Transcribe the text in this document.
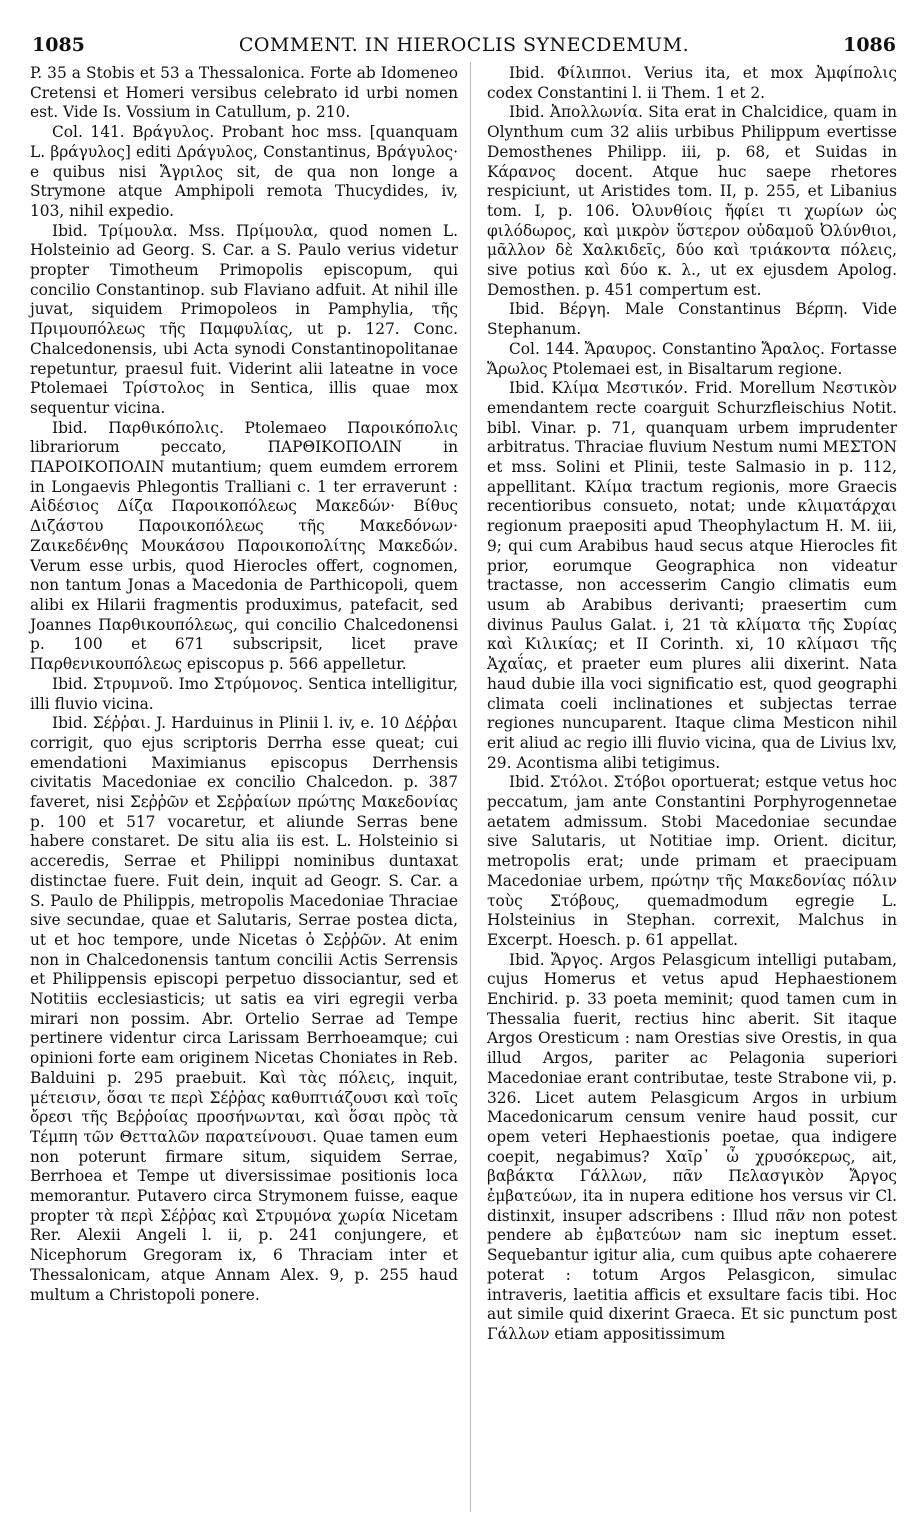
1085	COMMENT. IN HIEROCLIS SYNECDEMUM.	1086

P. 35 a Stobis et 53 a Thessalonica. Forte ab Idomeneo Cretensi et Homeri versibus celebrato id urbi nomen est. Vide Is. Vossium in Catullum, p. 210.

Col. 141. Βράγυλος. Probant hoc mss. [quanquam L. βράγυλος] editi Δράγυλος, Constantinus, Βράγυλος· e quibus nisi Ἄγριλος sit, de qua non longe a Strymone atque Amphipoli remota Thucydides, iv, 103, nihil expedio.

Ibid. Τρίμουλα. Mss. Πρίμουλα, quod nomen L. Holsteinio ad Georg. S. Car. a S. Paulo verius videtur propter Timotheum Primopolis episcopum, qui concilio Constantinop. sub Flaviano adfuit. At nihil ille juvat, siquidem Primopoleos in Pamphylia, τῆς Πριμουπόλεως τῆς Παμφυλίας, ut p. 127. Conc. Chalcedonensis, ubi Acta synodi Constantinopolitanae repetuntur, praesul fuit. Viderint alii lateatne in voce Ptolemaei Τρίστολος in Sentica, illis quae mox sequentur vicina.

Ibid. Παρθικόπολις. Ptolemaeo Παροικόπολις librariorum peccato, ΠΑΡΘΙΚΟΠΟΛΙΝ in ΠΑΡΟΙΚΟΠΟΛΙΝ mutantium; quem eumdem errorem in Longaevis Phlegontis Tralliani c. 1 ter erraverunt : Αἰδέσιος Δίζα Παροικοπόλεως Μακεδών· Βίθυς Διζάστου Παροικοπόλεως τῆς Μακεδόνων· Ζαικεδένθης Μουκάσου Παροικοπολίτης Μακεδών. Verum esse urbis, quod Hierocles offert, cognomen, non tantum Jonas a Macedonia de Parthicopoli, quem alibi ex Hilarii fragmentis produximus, patefacit, sed Joannes Παρθικουπόλεως, qui concilio Chalcedonensi p. 100 et 671 subscripsit, licet prave Παρθενικουπόλεως episcopus p. 566 appelletur.

Ibid. Στρυμνοῦ. Imo Στρύμονος. Sentica intelligitur, illi fluvio vicina.

Ibid. Σέῤῥαι. J. Harduinus in Plinii l. iv, e. 10 Δέῤῥαι corrigit, quo ejus scriptoris Derrha esse queat; cui emendationi Maximianus episcopus Derrhensis civitatis Macedoniae ex concilio Chalcedon. p. 387 faveret, nisi Σεῤῥῶν et Σεῤῥαίων πρώτης Μακεδονίας p. 100 et 517 vocaretur, et aliunde Serras bene habere constaret. De situ alia iis est. L. Holsteinio si acceredis, Serrae et Philippi nominibus duntaxat distinctae fuere. Fuit dein, inquit ad Geogr. S. Car. a S. Paulo de Philippis, metropolis Macedoniae Thraciae sive secundae, quae et Salutaris, Serrae postea dicta, ut et hoc tempore, unde Nicetas ὁ Σεῤῥῶν. At enim non in Chalcedonensis tantum concilii Actis Serrensis et Philippensis episcopi perpetuo dissociantur, sed et Notitiis ecclesiasticis; ut satis ea viri egregii verba mirari non possim. Abr. Ortelio Serrae ad Tempe pertinere videntur circa Larissam Berrhoeamque; cui opinioni forte eam originem Nicetas Choniates in Reb. Balduini p. 295 praebuit. Καὶ τὰς πόλεις, inquit, μέτεισιν, ὅσαι τε περὶ Σέῤῥας καθυπτιάζουσι καὶ τοῖς ὄρεσι τῆς Βεῤῥοίας προσήνωνται, καὶ ὅσαι πρὸς τὰ Τέμπη τῶν Θετταλῶν παρατείνουσι. Quae tamen eum non poterunt firmare situm, siquidem Serrae, Berrhoea et Tempe ut diversissimae positionis loca memorantur. Putavero circa Strymonem fuisse, eaque propter τὰ περὶ Σέῤῥας καὶ Στρυμόνα χωρία Nicetam Rer. Alexii Angeli l. ii, p. 241 conjungere, et Nicephorum Gregoram ix, 6 Thraciam inter et Thessalonicam, atque Annam Alex. 9, p. 255 haud multum a Christopoli ponere.

Ibid. Φίλιπποι. Verius ita, et mox Ἀμφίπολις codex Constantini l. ii Them. 1 et 2.

Ibid. Ἀπολλωνία. Sita erat in Chalcidice, quam in Olynthum cum 32 aliis urbibus Philippum evertisse Demosthenes Philipp. iii, p. 68, et Suidas in Κάρανος docent. Atque huc saepe rhetores respiciunt, ut Aristides tom. II, p. 255, et Libanius tom. I, p. 106. Ὀλυνθίοις ἤφίει τι χωρίων ὡς φιλόδωρος, καὶ μικρὸν ὕστερον οὐδαμοῦ Ὀλύνθιοι, μᾶλλον δὲ Χαλκιδεῖς, δύο καὶ τριάκοντα πόλεις, sive potius καὶ δύο κ. λ., ut ex ejusdem Apolog. Demosthen. p. 451 compertum est.

Ibid. Βέργη. Male Constantinus Βέρπη. Vide Stephanum.

Col. 144. Ἄραυρος. Constantino Ἄραλος. Fortasse Ἄρωλος Ptolemaei est, in Bisaltarum regione.

Ibid. Κλίμα Μεστικόν. Frid. Morellum Νεστικὸν emendantem recte coarguit Schurzfleischius Notit. bibl. Vinar. p. 71, quanquam urbem imprudenter arbitratus. Thraciae fluvium Nestum numi ΜΕΣΤΟΝ et mss. Solini et Plinii, teste Salmasio in p. 112, appellitant. Κλίμα tractum regionis, more Graecis recentioribus consueto, notat; unde κλιματάρχαι regionum praepositi apud Theophylactum H. M. iii, 9; qui cum Arabibus haud secus atque Hierocles fit prior, eorumque Geographica non videatur tractasse, non accesserim Cangio climatis eum usum ab Arabibus derivanti; praesertim cum divinus Paulus Galat. i, 21 τὰ κλίματα τῆς Συρίας καὶ Κιλικίας; et II Corinth. xi, 10 κλίμασι τῆς Ἀχαΐας, et praeter eum plures alii dixerint. Nata haud dubie illa voci significatio est, quod geographi climata coeli inclinationes et subjectas terrae regiones nuncuparent. Itaque clima Mesticon nihil erit aliud ac regio illi fluvio vicina, qua de Livius lxv, 29. Acontisma alibi tetigimus.

Ibid. Στόλοι. Στόβοι oportuerat; estque vetus hoc peccatum, jam ante Constantini Porphyrogennetae aetatem admissum. Stobi Macedoniae secundae sive Salutaris, ut Notitiae imp. Orient. dicitur, metropolis erat; unde primam et praecipuam Macedoniae urbem, πρώτην τῆς Μακεδονίας πόλιν τοὺς Στόβους, quemadmodum egregie L. Holsteinius in Stephan. correxit, Malchus in Excerpt. Hoesch. p. 61 appellat.

Ibid. Ἄργος. Argos Pelasgicum intelligi putabam, cujus Homerus et vetus apud Hephaestionem Enchirid. p. 33 poeta meminit; quod tamen cum in Thessalia fuerit, rectius hinc aberit. Sit itaque Argos Oresticum : nam Orestias sive Orestis, in qua illud Argos, pariter ac Pelagonia superiori Macedoniae erant contributae, teste Strabone vii, p. 326. Licet autem Pelasgicum Argos in urbium Macedonicarum censum venire haud possit, cur opem veteri Hephaestionis poetae, qua indigere coepit, negabimus? Χαῖρ᾽ ὦ χρυσόκερως, ait, βαβάκτα Γάλλων, πᾶν Πελασγικὸν Ἄργος ἐμβατεύων, ita in nupera editione hos versus vir Cl. distinxit, insuper adscribens : Illud πᾶν non potest pendere ab ἐμβατεύων nam sic ineptum esset. Sequebantur igitur alia, cum quibus apte cohaerere poterat : totum Argos Pelasgicon, simulac intraveris, laetitia afficis et exsultare facis tibi. Hoc aut simile quid dixerint Graeca. Et sic punctum post Γάλλων etiam appositissimum
